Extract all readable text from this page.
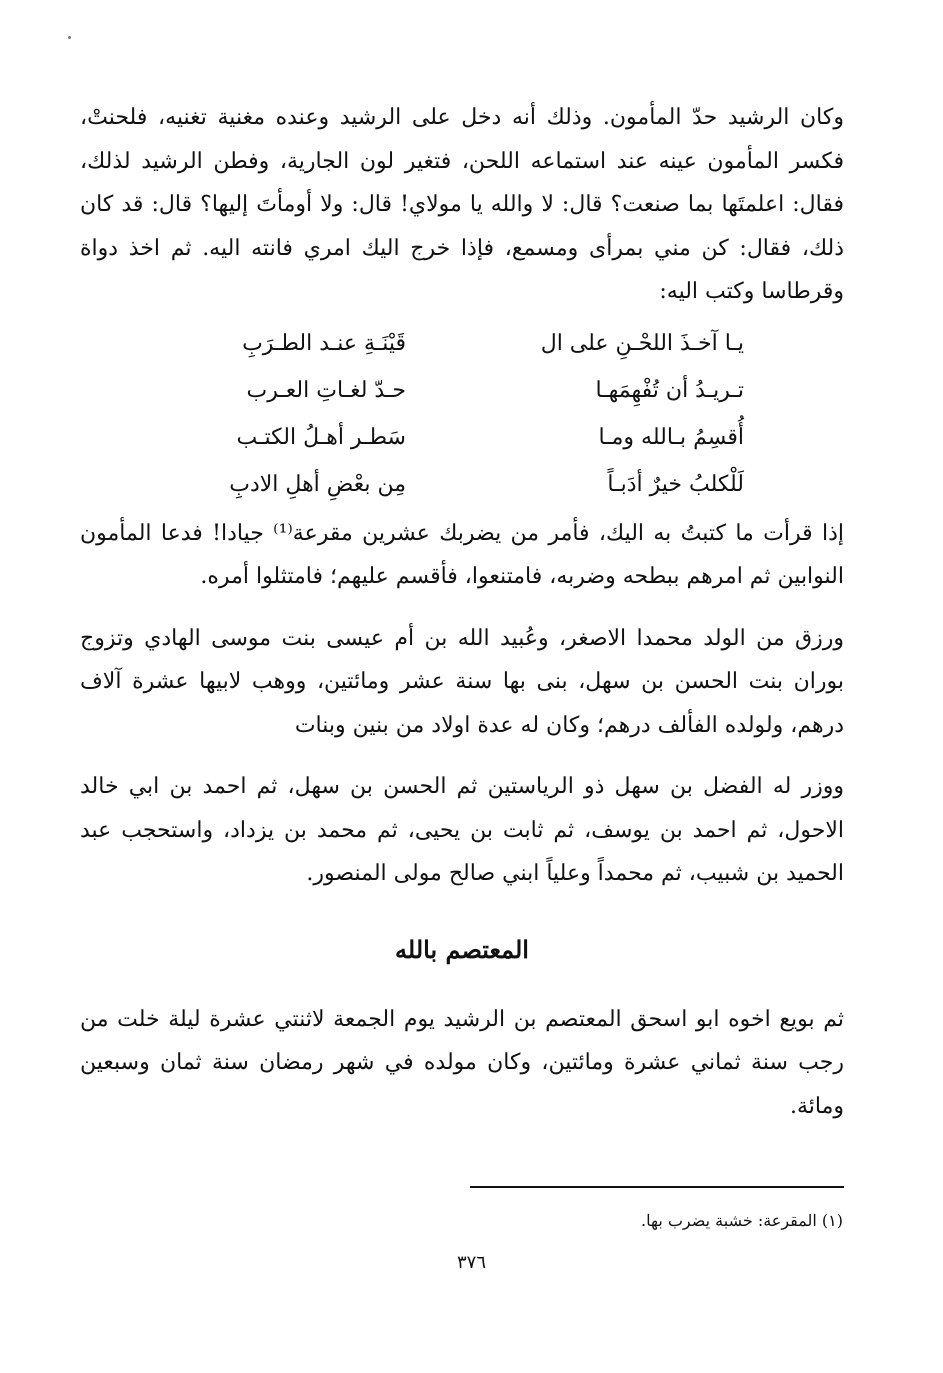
وكان الرشيد حدّ المأمون. وذلك أنه دخل على الرشيد وعنده مغنية تغنيه، فلحنتْ، فكسر المأمون عينه عند استماعه اللحن، فتغير لون الجارية، وفطن الرشيد لذلك، فقال: اعلمتَها بما صنعت؟ قال: لا والله يا مولاي! قال: ولا أومأتَ إليها؟ قال: قد كان ذلك، فقال: كن مني بمرأى ومسمع، فإذا خرج اليك امري فانته اليه. ثم اخذ دواة وقرطاسا وكتب اليه:

يـا آخـذَ اللحْـنِ على ال
قَيْنَـةِ عنـد الطـرَبِ
تـريـدُ أن تُفْهِمَهـا
حـدّ لغـاتِ العـرب
أُقسِمُ بـالله ومـا
سَطـر أهـلُ الكتـب
لَلْكلبُ خيرٌ أدَبـاً
مِن بعْضِ أهلِ الادبِ

إذا قرأت ما كتبتُ به اليك، فأمر من يضربك عشرين مقرعة⁽¹⁾ جيادا! فدعا المأمون النوابين ثم امرهم ببطحه وضربه، فامتنعوا، فأقسم عليهم؛ فامتثلوا أمره.

ورزق من الولد محمدا الاصغر، وعُبيد الله بن أم عيسى بنت موسى الهادي وتزوج بوران بنت الحسن بن سهل، بنى بها سنة عشر ومائتين، ووهب لابيها عشرة آلاف درهم، ولولده الفألف درهم؛ وكان له عدة اولاد من بنين وبنات

ووزر له الفضل بن سهل ذو الرياستين ثم الحسن بن سهل، ثم احمد بن ابي خالد الاحول، ثم احمد بن يوسف، ثم ثابت بن يحيى، ثم محمد بن يزداد، واستحجب عبد الحميد بن شبيب، ثم محمداً وعلياً ابني صالح مولى المنصور.

المعتصم بالله

ثم بويع اخوه ابو اسحق المعتصم بن الرشيد يوم الجمعة لاثنتي عشرة ليلة خلت من رجب سنة ثماني عشرة ومائتين، وكان مولده في شهر رمضان سنة ثمان وسبعين ومائة.

(١) المقرعة: خشبة يضرب بها.
٣٧٦
